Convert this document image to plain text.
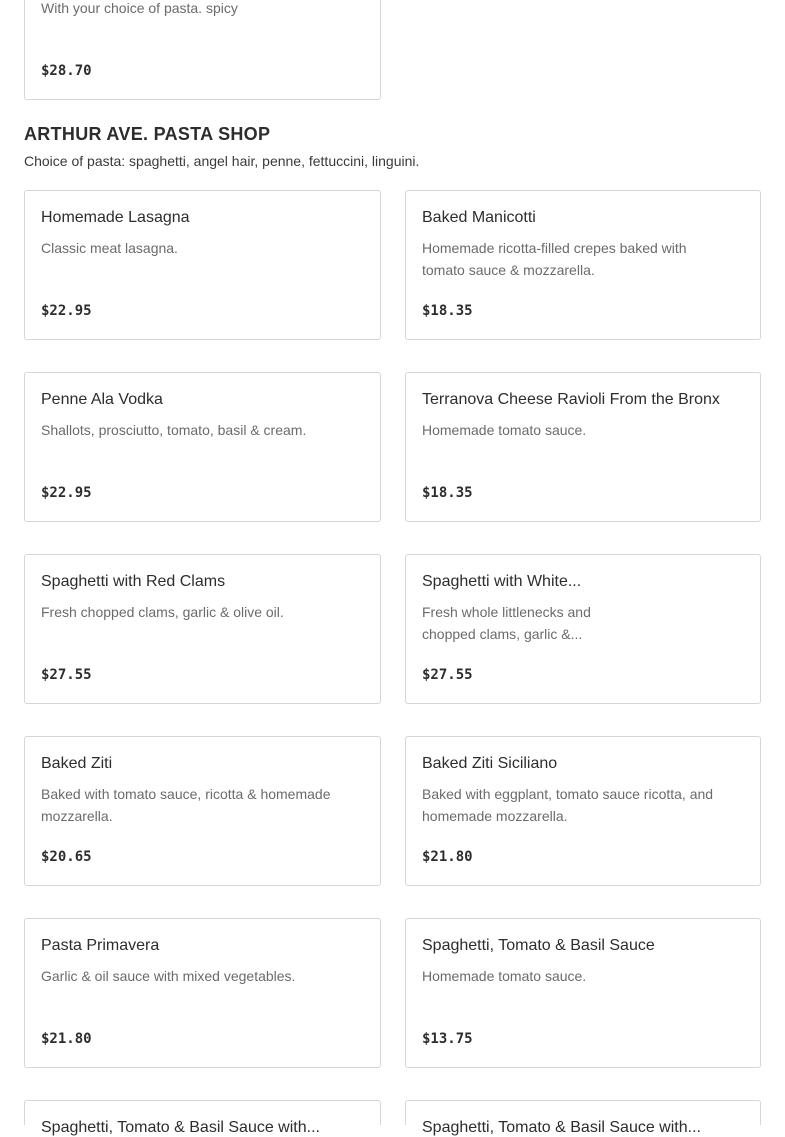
With your choice of pasta. spicy
$28.70
ARTHUR AVE. PASTA SHOP
Choice of pasta: spaghetti, angel hair, penne, fettuccini, linguini.
Homemade Lasagna
Classic meat lasagna.
$22.95
Baked Manicotti
Homemade ricotta-filled crepes baked with tomato sauce & mozzarella.
$18.35
Penne Ala Vodka
Shallots, prosciutto, tomato, basil & cream.
$22.95
Terranova Cheese Ravioli From the Bronx
Homemade tomato sauce.
$18.35
Spaghetti with Red Clams
Fresh chopped clams, garlic & olive oil.
$27.55
Spaghetti with White...
Fresh whole littlenecks and chopped clams, garlic &...
$27.55
Baked Ziti
Baked with tomato sauce, ricotta & homemade mozzarella.
$20.65
Baked Ziti Siciliano
Baked with eggplant, tomato sauce ricotta, and homemade mozzarella.
$21.80
Pasta Primavera
Garlic & oil sauce with mixed vegetables.
$21.80
Spaghetti, Tomato & Basil Sauce
Homemade tomato sauce.
$13.75
Spaghetti, Tomato & Basil Sauce with...	Spaghetti, Tomato & Basil Sauce with...
